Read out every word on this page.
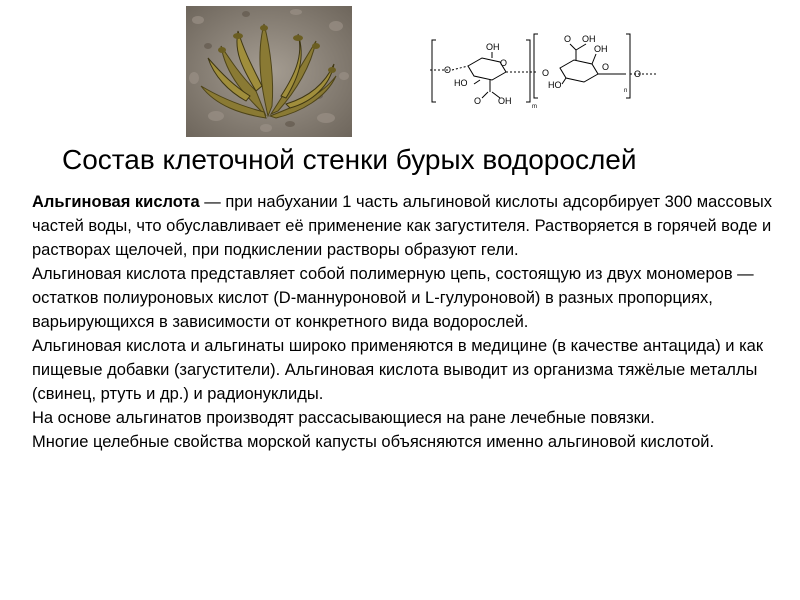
O
OH
HO
O
O OH
m
O
O OH
O
OH
HO
n
O
Состав клеточной стенки бурых водорослей

Альгиновая кислота — при набухании 1 часть альгиновой кислоты адсорбирует 300 массовых частей воды, что обуславливает её применение как загустителя. Растворяется в горячей воде и растворах щелочей, при подкислении растворы образуют гели.

Альгиновая кислота представляет собой полимерную цепь, состоящую из двух мономеров — остатков полиуроновых кислот (D-маннуроновой и L-гулуроновой) в разных пропорциях, варьирующихся в зависимости от конкретного вида водорослей.

Альгиновая кислота и альгинаты широко применяются в медицине (в качестве антацида) и как пищевые добавки (загустители). Альгиновая кислота выводит из организма тяжёлые металлы (свинец, ртуть и др.) и радионуклиды.

На основе альгинатов производят рассасывающиеся на ране лечебные повязки.

Многие целебные свойства морской капусты объясняются именно альгиновой кислотой.
